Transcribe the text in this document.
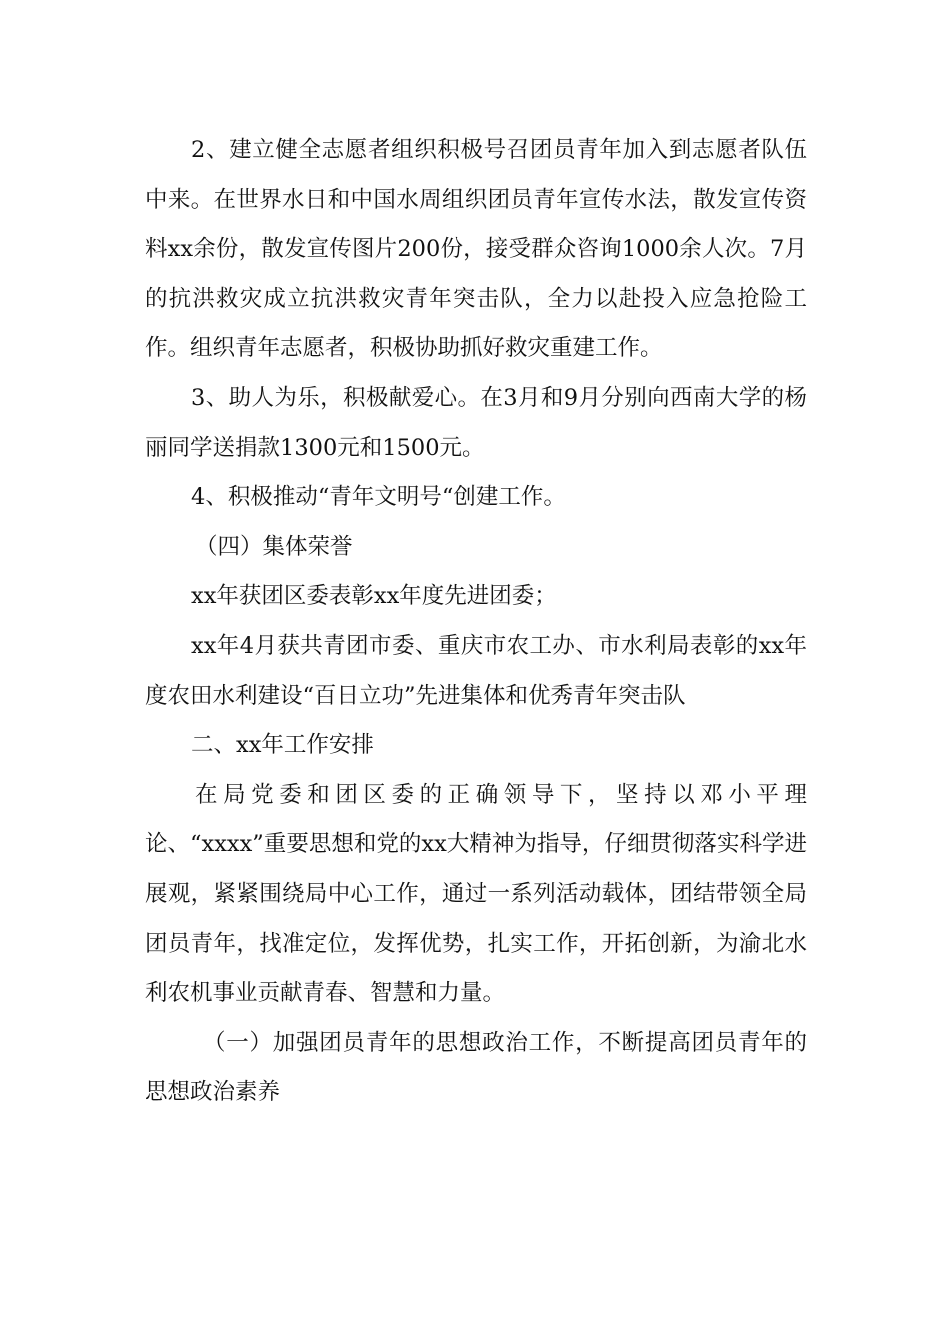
2、建立健全志愿者组织积极号召团员青年加入到志愿者队伍中来。在世界水日和中国水周组织团员青年宣传水法，散发宣传资料xx余份，散发宣传图片200份，接受群众咨询1000余人次。7月的抗洪救灾成立抗洪救灾青年突击队，全力以赴投入应急抢险工作。组织青年志愿者，积极协助抓好救灾重建工作。

3、助人为乐，积极献爱心。在3月和9月分别向西南大学的杨丽同学送捐款1300元和1500元。

4、积极推动“青年文明号“创建工作。

（四）集体荣誉

xx年获团区委表彰xx年度先进团委；

xx年4月获共青团市委、重庆市农工办、市水利局表彰的xx年度农田水利建设“百日立功”先进集体和优秀青年突击队

二、xx年工作安排

在局党委和团区委的正确领导下，坚持以邓小平理论、“xxxx”重要思想和党的xx大精神为指导，仔细贯彻落实科学进展观，紧紧围绕局中心工作，通过一系列活动载体，团结带领全局团员青年，找准定位，发挥优势，扎实工作，开拓创新，为渝北水利农机事业贡献青春、智慧和力量。

（一）加强团员青年的思想政治工作，不断提高团员青年的思想政治素养
